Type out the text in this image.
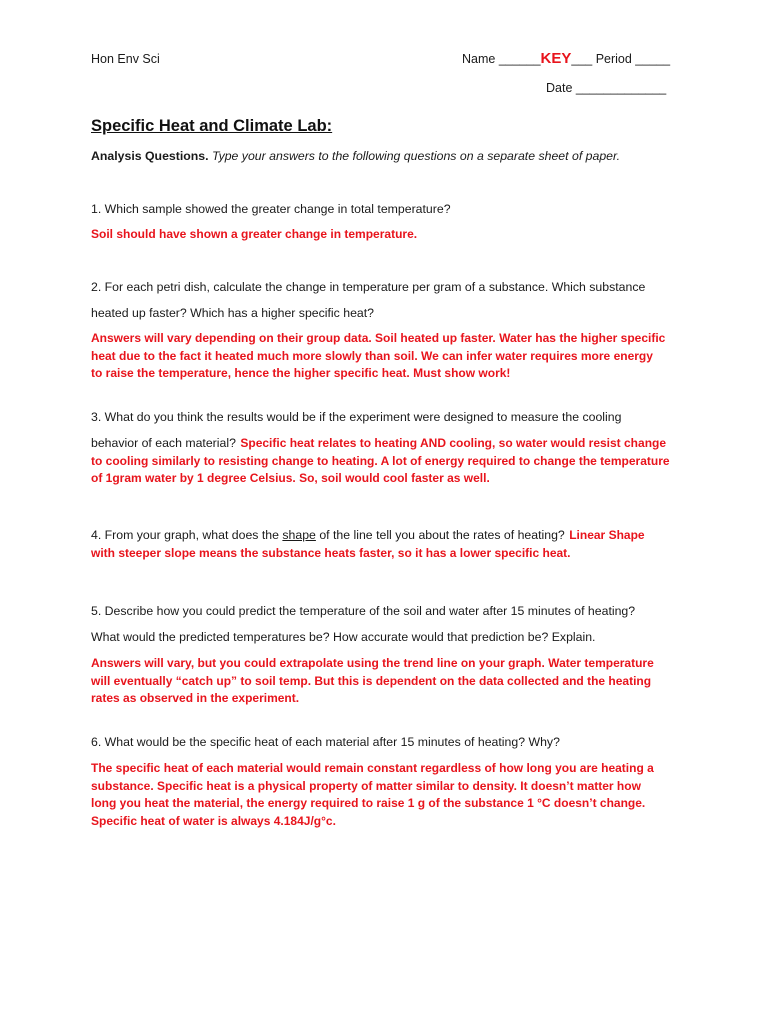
Hon Env Sci	Name ______KEY___ Period _____
Date _____________
Specific Heat and Climate Lab:
Analysis Questions. Type your answers to the following questions on a separate sheet of paper.
1. Which sample showed the greater change in total temperature?
Soil should have shown a greater change in temperature.
2. For each petri dish, calculate the change in temperature per gram of a substance. Which substance
heated up faster? Which has a higher specific heat?
Answers will vary depending on their group data. Soil heated up faster. Water has the higher specific
heat due to the fact it heated much more slowly than soil. We can infer water requires more energy
to raise the temperature, hence the higher specific heat. Must show work!
3. What do you think the results would be if the experiment were designed to measure the cooling
behavior of each material? Specific heat relates to heating AND cooling, so water would resist change
to cooling similarly to resisting change to heating. A lot of energy required to change the temperature
of 1gram water by 1 degree Celsius. So, soil would cool faster as well.
4. From your graph, what does the shape of the line tell you about the rates of heating? Linear Shape
with steeper slope means the substance heats faster, so it has a lower specific heat.
5. Describe how you could predict the temperature of the soil and water after 15 minutes of heating?
What would the predicted temperatures be? How accurate would that prediction be? Explain.
Answers will vary, but you could extrapolate using the trend line on your graph. Water temperature
will eventually “catch up” to soil temp. But this is dependent on the data collected and the heating
rates as observed in the experiment.
6. What would be the specific heat of each material after 15 minutes of heating? Why?
The specific heat of each material would remain constant regardless of how long you are heating a
substance. Specific heat is a physical property of matter similar to density. It doesn’t matter how
long you heat the material, the energy required to raise 1 g of the substance 1 °C doesn’t change.
Specific heat of water is always 4.184J/g°c.
